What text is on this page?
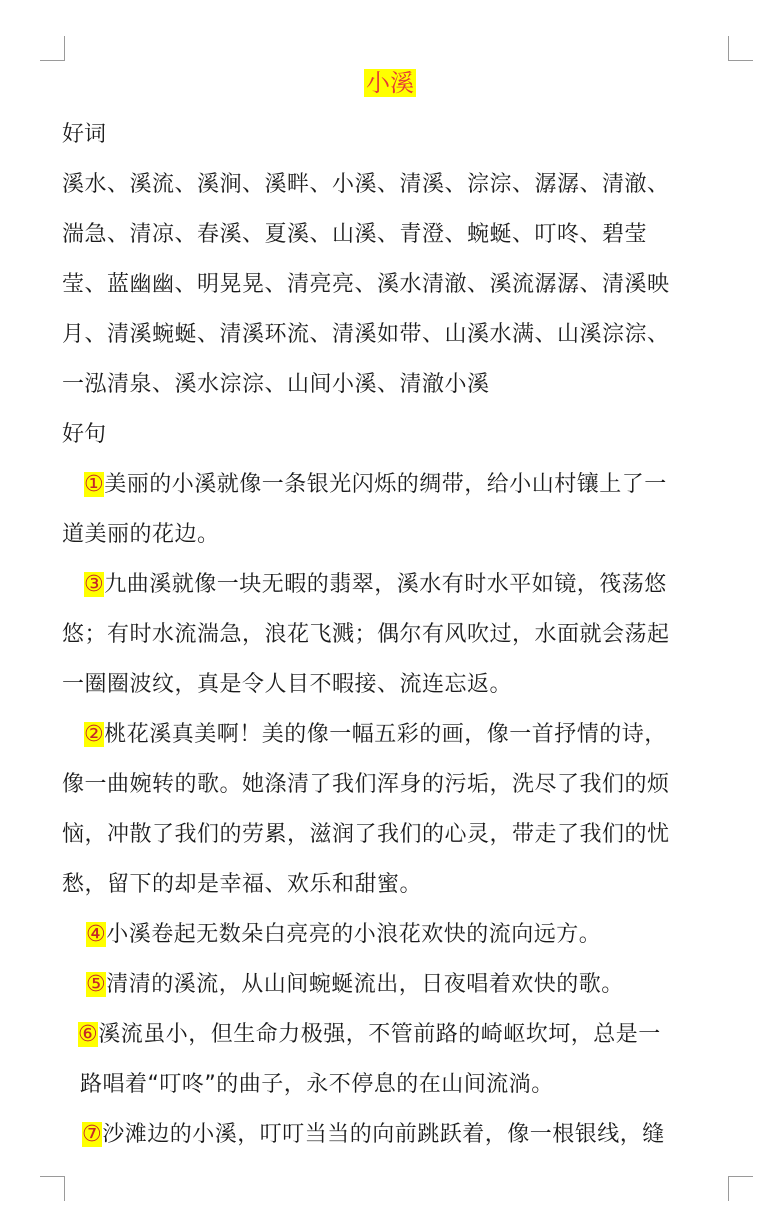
小溪
好词
溪水、溪流、溪涧、溪畔、小溪、清溪、淙淙、潺潺、清澈、
湍急、清凉、春溪、夏溪、山溪、青澄、蜿蜒、叮咚、碧莹
莹、蓝幽幽、明晃晃、清亮亮、溪水清澈、溪流潺潺、清溪映
月、清溪蜿蜒、清溪环流、清溪如带、山溪水满、山溪淙淙、
一泓清泉、溪水淙淙、山间小溪、清澈小溪
好句
①美丽的小溪就像一条银光闪烁的绸带，给小山村镶上了一
道美丽的花边。
③九曲溪就像一块无暇的翡翠，溪水有时水平如镜，筏荡悠
悠；有时水流湍急，浪花飞溅；偶尔有风吹过，水面就会荡起
一圈圈波纹，真是令人目不暇接、流连忘返。
②桃花溪真美啊！美的像一幅五彩的画，像一首抒情的诗，
像一曲婉转的歌。她涤清了我们浑身的污垢，洗尽了我们的烦
恼，冲散了我们的劳累，滋润了我们的心灵，带走了我们的忧
愁，留下的却是幸福、欢乐和甜蜜。
④小溪卷起无数朵白亮亮的小浪花欢快的流向远方。
⑤清清的溪流，从山间蜿蜒流出，日夜唱着欢快的歌。
⑥溪流虽小，但生命力极强，不管前路的崎岖坎坷，总是一
路唱着“叮咚”的曲子，永不停息的在山间流淌。
⑦沙滩边的小溪，叮叮当当的向前跳跃着，像一根银线，缝
